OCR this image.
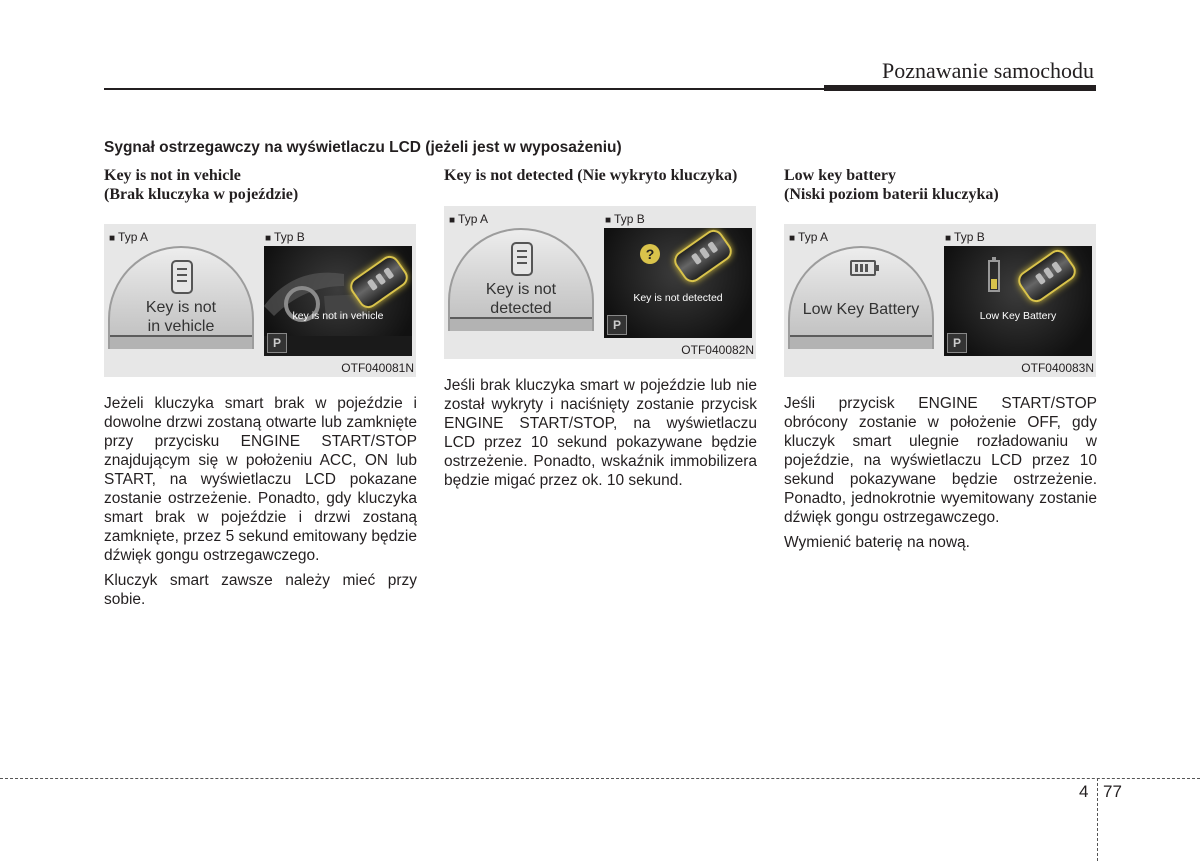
Poznawanie samochodu
Sygnał ostrzegawczy na wyświetlaczu LCD (jeżeli jest w wyposażeniu)
Key is not in vehicle
(Brak kluczyka w pojeździe)
■ Typ A	■ Typ B
Key is not
in vehicle
key is not in vehicle
P
OTF040081N

Jeżeli kluczyka smart brak w pojeździe i dowolne drzwi zostaną otwarte lub zamknięte przy przycisku ENGINE START/STOP znajdującym się w położeniu ACC, ON lub START, na wyświetlaczu LCD pokazane zostanie ostrzeżenie. Ponadto, gdy kluczyka smart brak w pojeździe i drzwi zostaną zamknięte, przez 5 sekund emitowany będzie dźwięk gongu ostrzegawczego.

Kluczyk smart zawsze należy mieć przy sobie.

Key is not detected (Nie wykryto kluczyka)
■ Typ A	■ Typ B
Key is not
detected
?
Key is not detected
P
OTF040082N

Jeśli brak kluczyka smart w pojeździe lub nie został wykryty i naciśnięty zostanie przycisk ENGINE START/STOP, na wyświetlaczu LCD przez 10 sekund pokazywane będzie ostrzeżenie. Ponadto, wskaźnik immobilizera będzie migać przez ok. 10 sekund.

Low key battery
(Niski poziom baterii kluczyka)
■ Typ A	■ Typ B
Low Key Battery	Low Key Battery
P
OTF040083N

Jeśli przycisk ENGINE START/STOP obrócony zostanie w położenie OFF, gdy kluczyk smart ulegnie rozładowaniu w pojeździe, na wyświetlaczu LCD przez 10 sekund pokazywane będzie ostrzeżenie. Ponadto, jednokrotnie wyemitowany zostanie dźwięk gongu ostrzegawczego.

Wymienić baterię na nową.

4 77
